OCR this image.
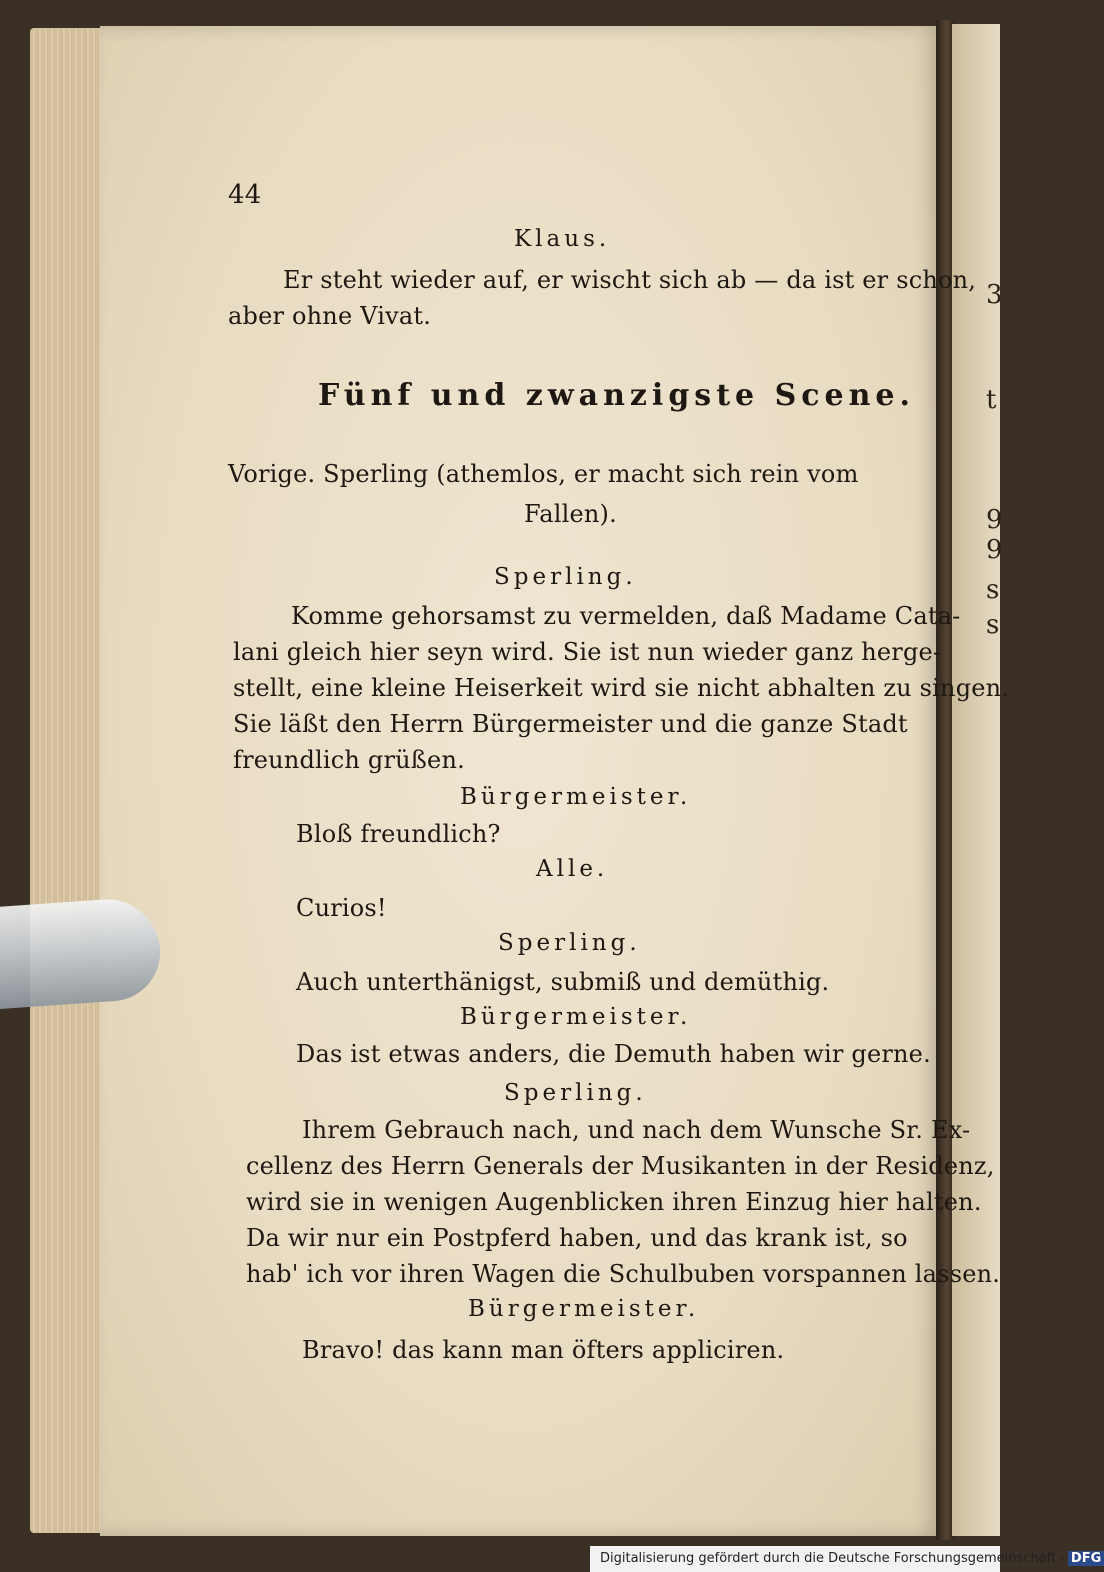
3
t
9
9
s
s
44
Klaus.
Er steht wieder auf, er wischt sich ab — da ist er schon,
aber ohne Vivat.
Fünf und zwanzigste Scene.
Vorige. Sperling (athemlos, er macht sich rein vom
Fallen).
Sperling.
Komme gehorsamst zu vermelden, daß Madame Cata-
lani gleich hier seyn wird. Sie ist nun wieder ganz herge-
stellt, eine kleine Heiserkeit wird sie nicht abhalten zu singen.
Sie läßt den Herrn Bürgermeister und die ganze Stadt
freundlich grüßen.
Bürgermeister.
Bloß freundlich?
Alle.
Curios!
Sperling.
Auch unterthänigst, submiß und demüthig.
Bürgermeister.
Das ist etwas anders, die Demuth haben wir gerne.
Sperling.
Ihrem Gebrauch nach, und nach dem Wunsche Sr. Ex-
cellenz des Herrn Generals der Musikanten in der Residenz,
wird sie in wenigen Augenblicken ihren Einzug hier halten.
Da wir nur ein Postpferd haben, und das krank ist, so
hab' ich vor ihren Wagen die Schulbuben vorspannen lassen.
Bürgermeister.
Bravo! das kann man öfters appliciren.
Digitalisierung gefördert durch die Deutsche Forschungsgemeinschaft - DFG
